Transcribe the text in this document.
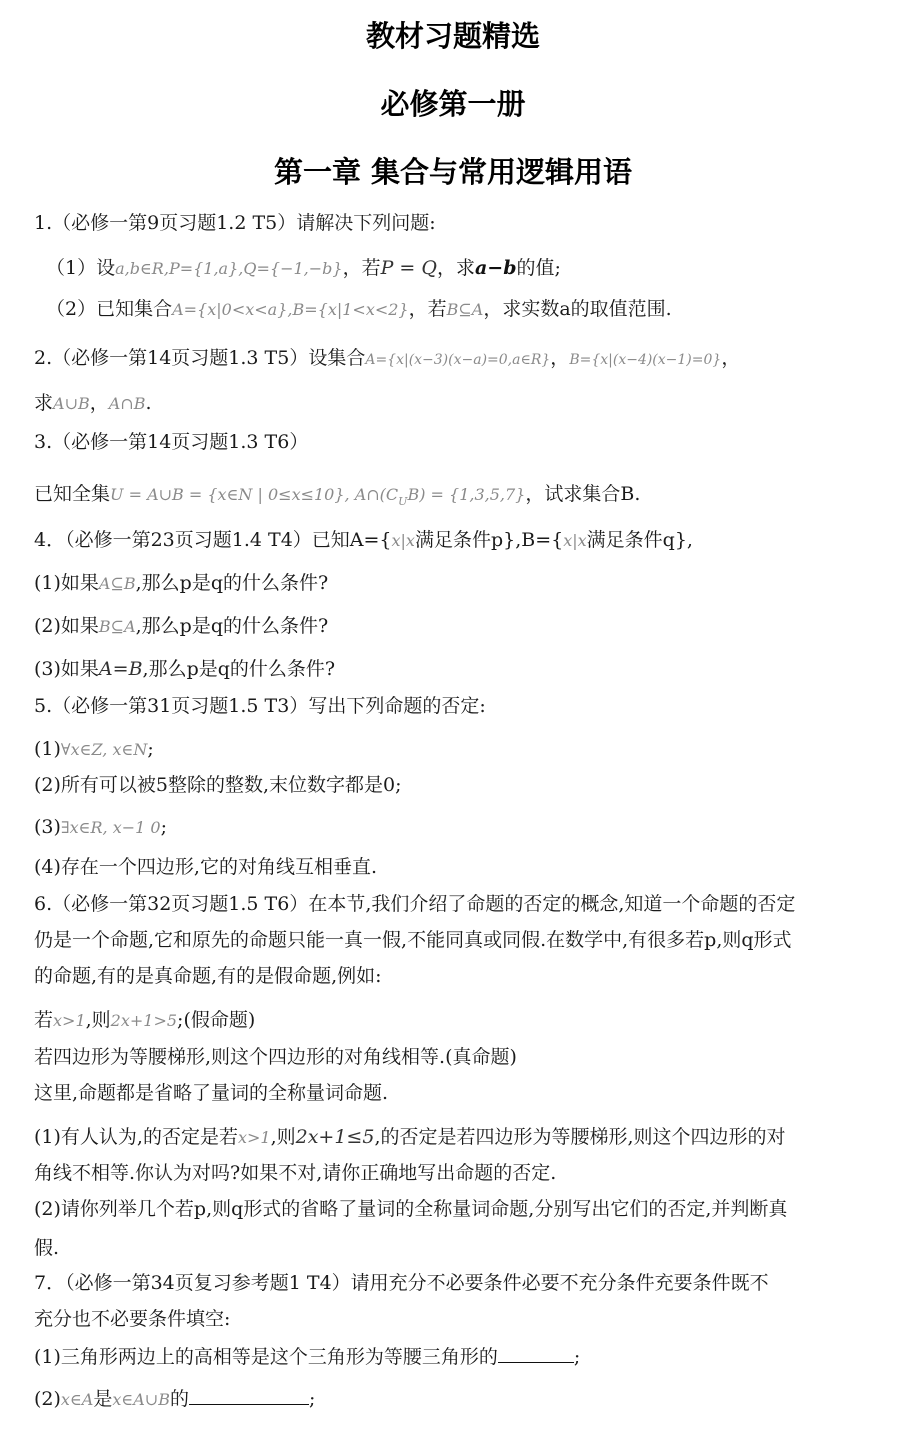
教材习题精选
必修第一册
第一章 集合与常用逻辑用语
1.（必修一第9页习题1.2 T5）请解决下列问题:
（1）设a,b∈R,P={1,a},Q={−1,−b}，若P = Q，求a−b的值;
（2）已知集合A={x|0<x<a},B={x|1<x<2}，若B⊆A，求实数a的取值范围.
2.（必修一第14页习题1.3 T5）设集合A={x|(x−3)(x−a)=0,a∈R}，B={x|(x−4)(x−1)=0}，
求A∪B，A∩B.
3.（必修一第14页习题1.3 T6）
已知全集U = A∪B = {x∈N | 0≤x≤10}, $A\cap(C_UB) = \{1,3,5,7\}$，试求集合B.
4．（必修一第23页习题1.4 T4）已知A={x|x满足条件p},B={x|x满足条件q},
(1)如果A⊆B,那么p是q的什么条件?
(2)如果B⊆A,那么p是q的什么条件?
(3)如果A=B,那么p是q的什么条件?
5.（必修一第31页习题1.5 T3）写出下列命题的否定:
(1)∀x∈Z, x∈N;
(2)所有可以被5整除的整数,末位数字都是0;
(3)∃x∈R, x−1 0;
(4)存在一个四边形,它的对角线互相垂直.
6.（必修一第32页习题1.5 T6）在本节,我们介绍了命题的否定的概念,知道一个命题的否定
仍是一个命题,它和原先的命题只能一真一假,不能同真或同假.在数学中,有很多若p,则q形式
的命题,有的是真命题,有的是假命题,例如:
若x>1,则2x+1>5;(假命题)
若四边形为等腰梯形,则这个四边形的对角线相等.(真命题)
这里,命题都是省略了量词的全称量词命题.
(1)有人认为,的否定是若x>1,则2x+1≤5,的否定是若四边形为等腰梯形,则这个四边形的对
角线不相等.你认为对吗?如果不对,请你正确地写出命题的否定.
(2)请你列举几个若p,则q形式的省略了量词的全称量词命题,分别写出它们的否定,并判断真
假.
7．（必修一第34页复习参考题1 T4）请用充分不必要条件必要不充分条件充要条件既不
充分也不必要条件填空:
(1)三角形两边上的高相等是这个三角形为等腰三角形的	;
(2)x∈A是x∈A∪B的	;
